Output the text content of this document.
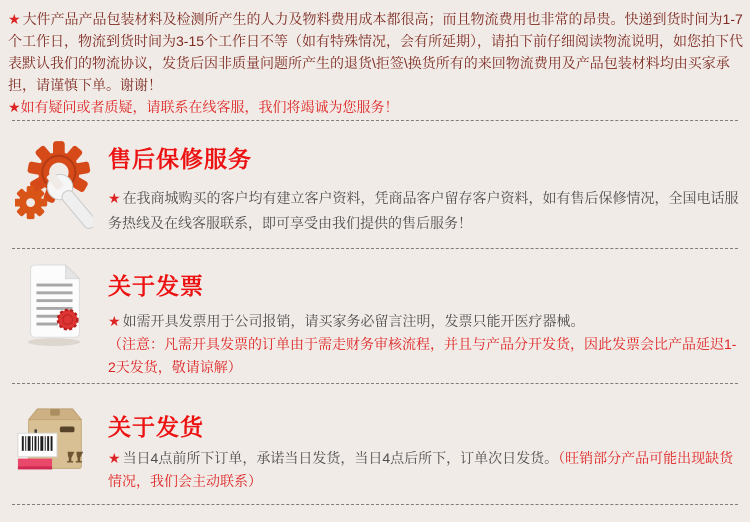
★ 大件产品产品包装材料及检测所产生的人力及物料费用成本都很高；而且物流费用也非常的昂贵。快递到货时间为1-7个工作日，物流到货时间为3-15个工作日不等（如有特殊情况，会有所延期），请拍下前仔细阅读物流说明，如您拍下代表默认我们的物流协议，发货后因非质量问题所产生的退货\拒签\换货所有的来回物流费用及产品包装材料均由买家承担，请谨慎下单。谢谢！

★如有疑问或者质疑，请联系在线客服，我们将竭诚为您服务！

售后保修服务

★ 在我商城购买的客户均有建立客户资料，凭商品客户留存客户资料，如有售后保修情况，全国电话服务热线及在线客服联系，即可享受由我们提供的售后服务！

关于发票

★ 如需开具发票用于公司报销，请买家务必留言注明，发票只能开医疗器械。

（注意：凡需开具发票的订单由于需走财务审核流程，并且与产品分开发货，因此发票会比产品延迟1-2天发货，敬请谅解）

关于发货

★ 当日4点前所下订单，承诺当日发货，当日4点后所下，订单次日发货。（旺销部分产品可能出现缺货情况，我们会主动联系）
